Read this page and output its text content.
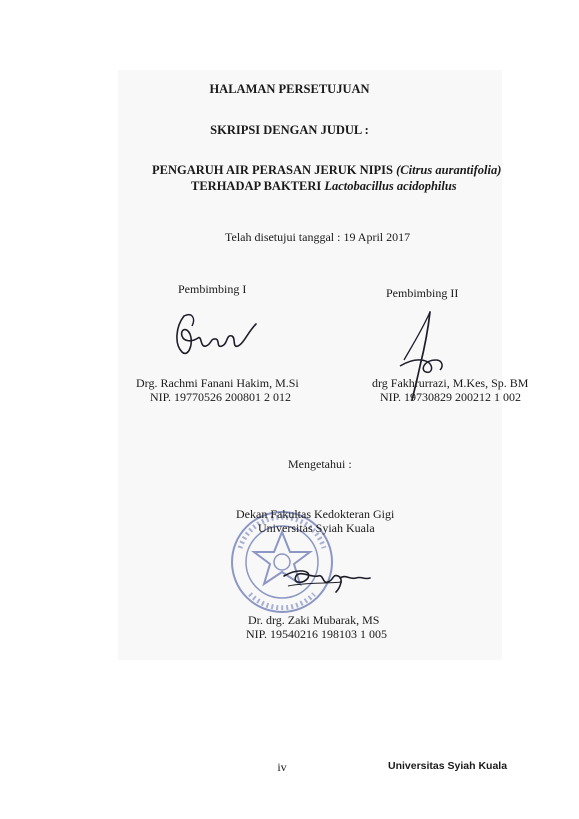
HALAMAN PERSETUJUAN
SKRIPSI DENGAN JUDUL :
PENGARUH AIR PERASAN JERUK NIPIS (Citrus aurantifolia)
TERHADAP BAKTERI Lactobacillus acidophilus
Telah disetujui tanggal : 19 April 2017
Pembimbing I	Pembimbing II
Drg. Rachmi Fanani Hakim, M.Si
NIP. 19770526 200801 2 012
drg Fakhrurrazi, M.Kes, Sp. BM
NIP. 19730829 200212 1 002
Mengetahui :
Dekan Fakultas Kedokteran Gigi
Universitas Syiah Kuala
Dr. drg. Zaki Mubarak, MS
NIP. 19540216 198103 1 005
iv	Universitas Syiah Kuala
